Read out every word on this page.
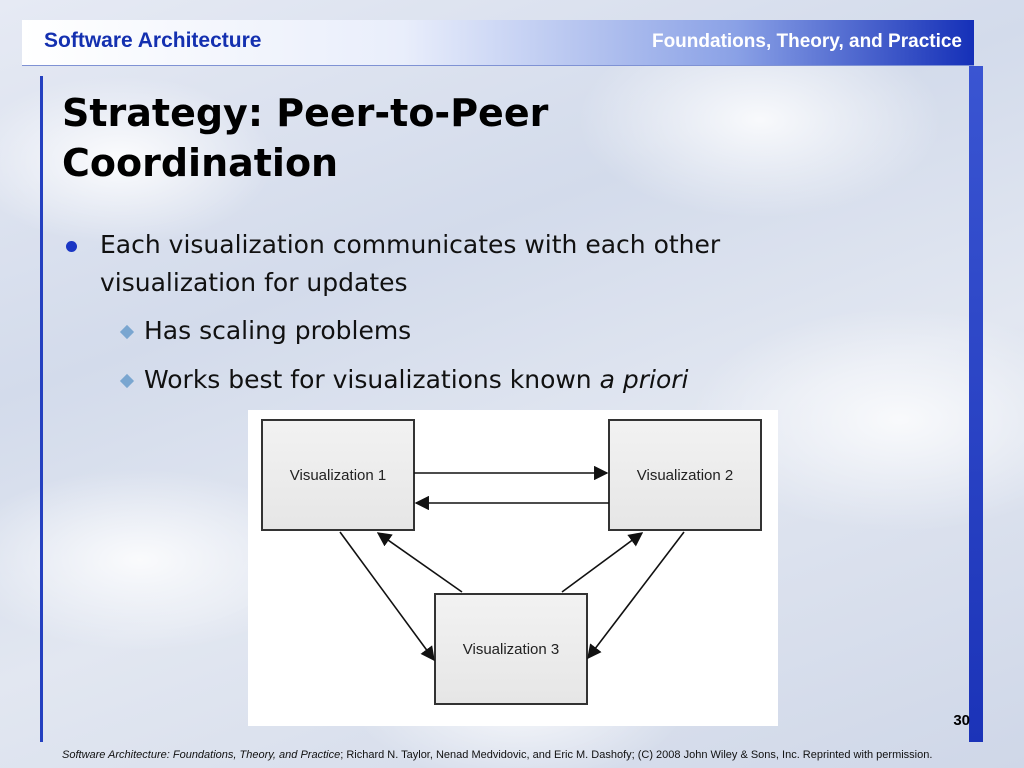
Software Architecture	Foundations, Theory, and Practice
Strategy: Peer-to-Peer
Coordination
Each visualization communicates with each other visualization for updates
Has scaling problems
Works best for visualizations known a priori
Visualization 1	Visualization 2
Visualization 3
30
Software Architecture: Foundations, Theory, and Practice; Richard N. Taylor, Nenad Medvidovic, and Eric M. Dashofy; (C) 2008 John Wiley & Sons, Inc. Reprinted with permission.
